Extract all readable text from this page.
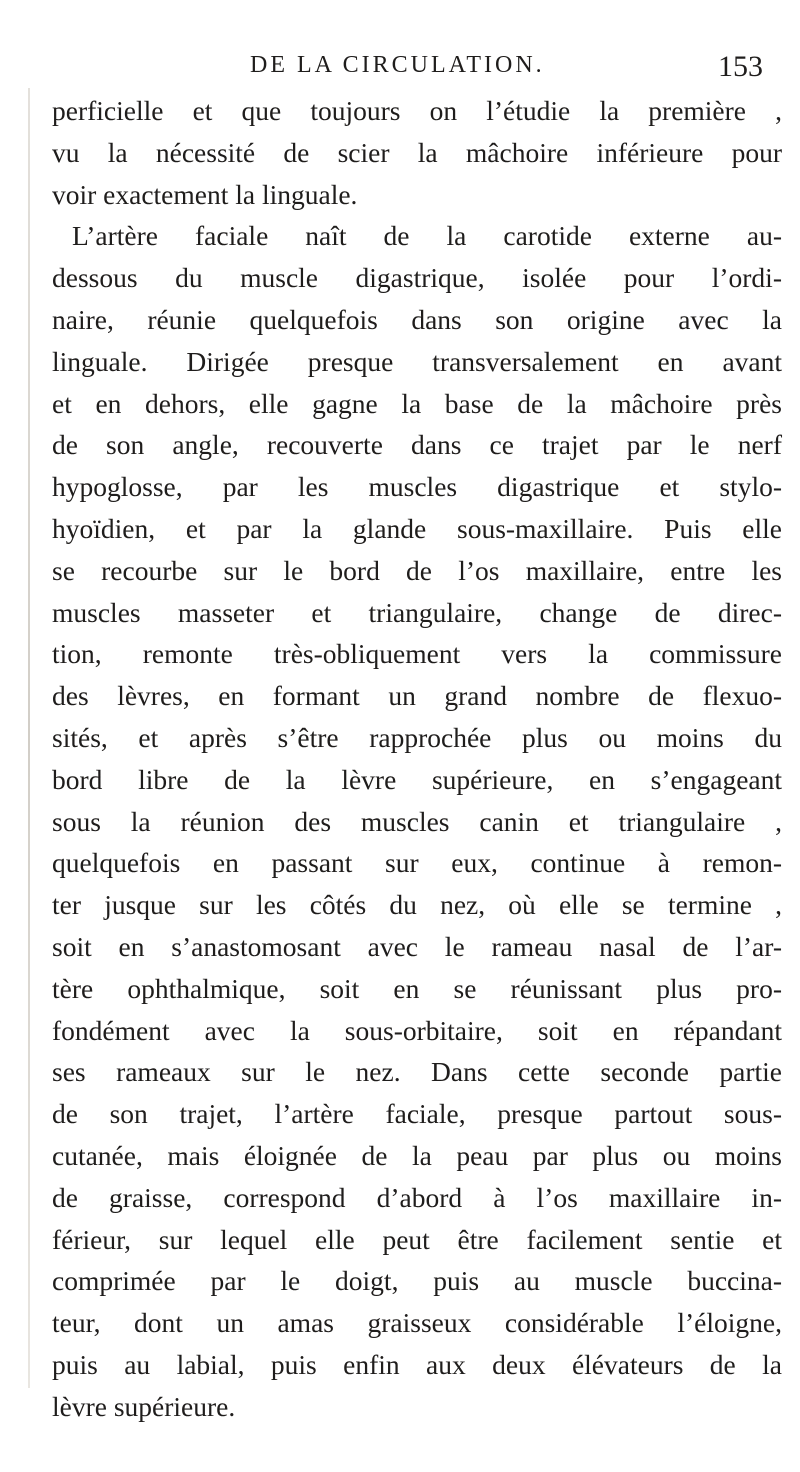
DE LA CIRCULATION.	153
perficielle et que toujours on l’étudie la première ,
vu la nécessité de scier la mâchoire inférieure pour
voir exactement la linguale.
L’artère faciale naît de la carotide externe au-
dessous du muscle digastrique, isolée pour l’ordi-
naire, réunie quelquefois dans son origine avec la
linguale. Dirigée presque transversalement en avant
et en dehors, elle gagne la base de la mâchoire près
de son angle, recouverte dans ce trajet par le nerf
hypoglosse, par les muscles digastrique et stylo-
hyoïdien, et par la glande sous-maxillaire. Puis elle
se recourbe sur le bord de l’os maxillaire, entre les
muscles masseter et triangulaire, change de direc-
tion, remonte très-obliquement vers la commissure
des lèvres, en formant un grand nombre de flexuo-
sités, et après s’être rapprochée plus ou moins du
bord libre de la lèvre supérieure, en s’engageant
sous la réunion des muscles canin et triangulaire ,
quelquefois en passant sur eux, continue à remon-
ter jusque sur les côtés du nez, où elle se termine ,
soit en s’anastomosant avec le rameau nasal de l’ar-
tère ophthalmique, soit en se réunissant plus pro-
fondément avec la sous-orbitaire, soit en répandant
ses rameaux sur le nez. Dans cette seconde partie
de son trajet, l’artère faciale, presque partout sous-
cutanée, mais éloignée de la peau par plus ou moins
de graisse, correspond d’abord à l’os maxillaire in-
férieur, sur lequel elle peut être facilement sentie et
comprimée par le doigt, puis au muscle buccina-
teur, dont un amas graisseux considérable l’éloigne,
puis au labial, puis enfin aux deux élévateurs de la
lèvre supérieure.
